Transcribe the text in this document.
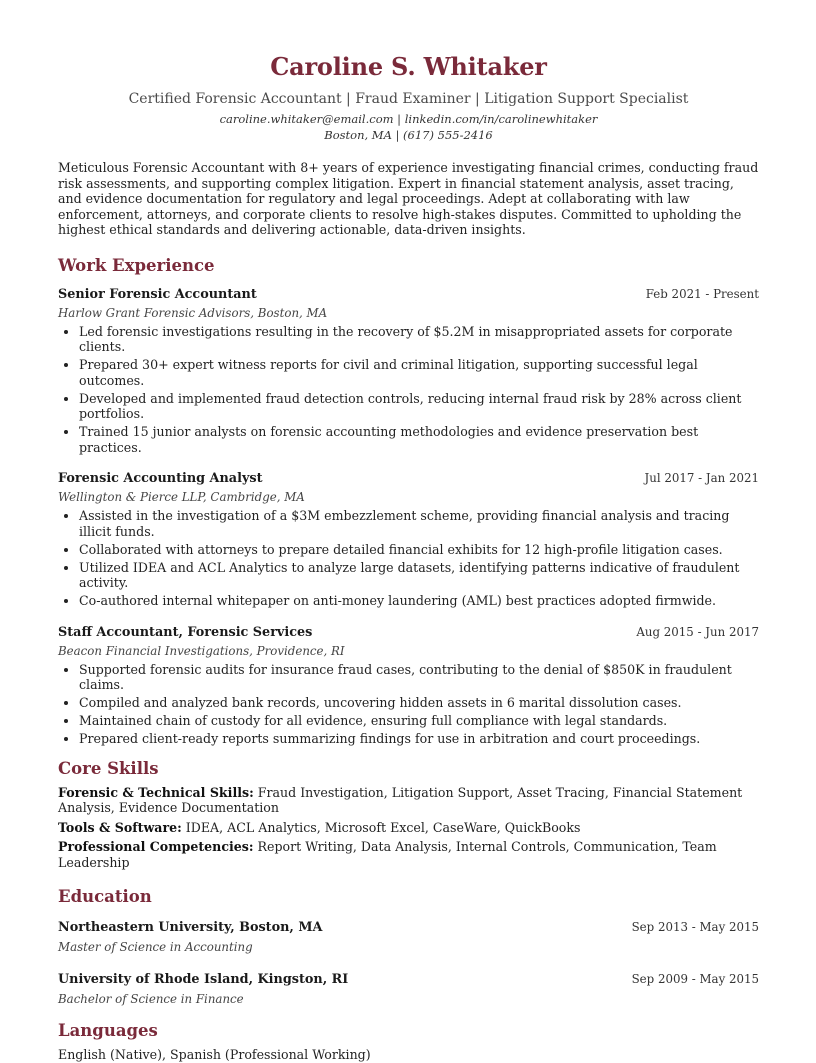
Caroline S. Whitaker
Certified Forensic Accountant | Fraud Examiner | Litigation Support Specialist
caroline.whitaker@email.com | linkedin.com/in/carolinewhitaker
Boston, MA | (617) 555-2416
Meticulous Forensic Accountant with 8+ years of experience investigating financial crimes, conducting fraud risk assessments, and supporting complex litigation. Expert in financial statement analysis, asset tracing, and evidence documentation for regulatory and legal proceedings. Adept at collaborating with law enforcement, attorneys, and corporate clients to resolve high-stakes disputes. Committed to upholding the highest ethical standards and delivering actionable, data-driven insights.
Work Experience
Senior Forensic Accountant	Feb 2021 - Present
Harlow Grant Forensic Advisors, Boston, MA
• Led forensic investigations resulting in the recovery of $5.2M in misappropriated assets for corporate clients.
• Prepared 30+ expert witness reports for civil and criminal litigation, supporting successful legal outcomes.
• Developed and implemented fraud detection controls, reducing internal fraud risk by 28% across client portfolios.
• Trained 15 junior analysts on forensic accounting methodologies and evidence preservation best practices.
Forensic Accounting Analyst	Jul 2017 - Jan 2021
Wellington & Pierce LLP, Cambridge, MA
• Assisted in the investigation of a $3M embezzlement scheme, providing financial analysis and tracing illicit funds.
• Collaborated with attorneys to prepare detailed financial exhibits for 12 high-profile litigation cases.
• Utilized IDEA and ACL Analytics to analyze large datasets, identifying patterns indicative of fraudulent activity.
• Co-authored internal whitepaper on anti-money laundering (AML) best practices adopted firmwide.
Staff Accountant, Forensic Services	Aug 2015 - Jun 2017
Beacon Financial Investigations, Providence, RI
• Supported forensic audits for insurance fraud cases, contributing to the denial of $850K in fraudulent claims.
• Compiled and analyzed bank records, uncovering hidden assets in 6 marital dissolution cases.
• Maintained chain of custody for all evidence, ensuring full compliance with legal standards.
• Prepared client-ready reports summarizing findings for use in arbitration and court proceedings.
Core Skills
Forensic & Technical Skills: Fraud Investigation, Litigation Support, Asset Tracing, Financial Statement Analysis, Evidence Documentation
Tools & Software: IDEA, ACL Analytics, Microsoft Excel, CaseWare, QuickBooks
Professional Competencies: Report Writing, Data Analysis, Internal Controls, Communication, Team Leadership
Education
Northeastern University, Boston, MA	Sep 2013 - May 2015
Master of Science in Accounting
University of Rhode Island, Kingston, RI	Sep 2009 - May 2015
Bachelor of Science in Finance
Languages
English (Native), Spanish (Professional Working)
